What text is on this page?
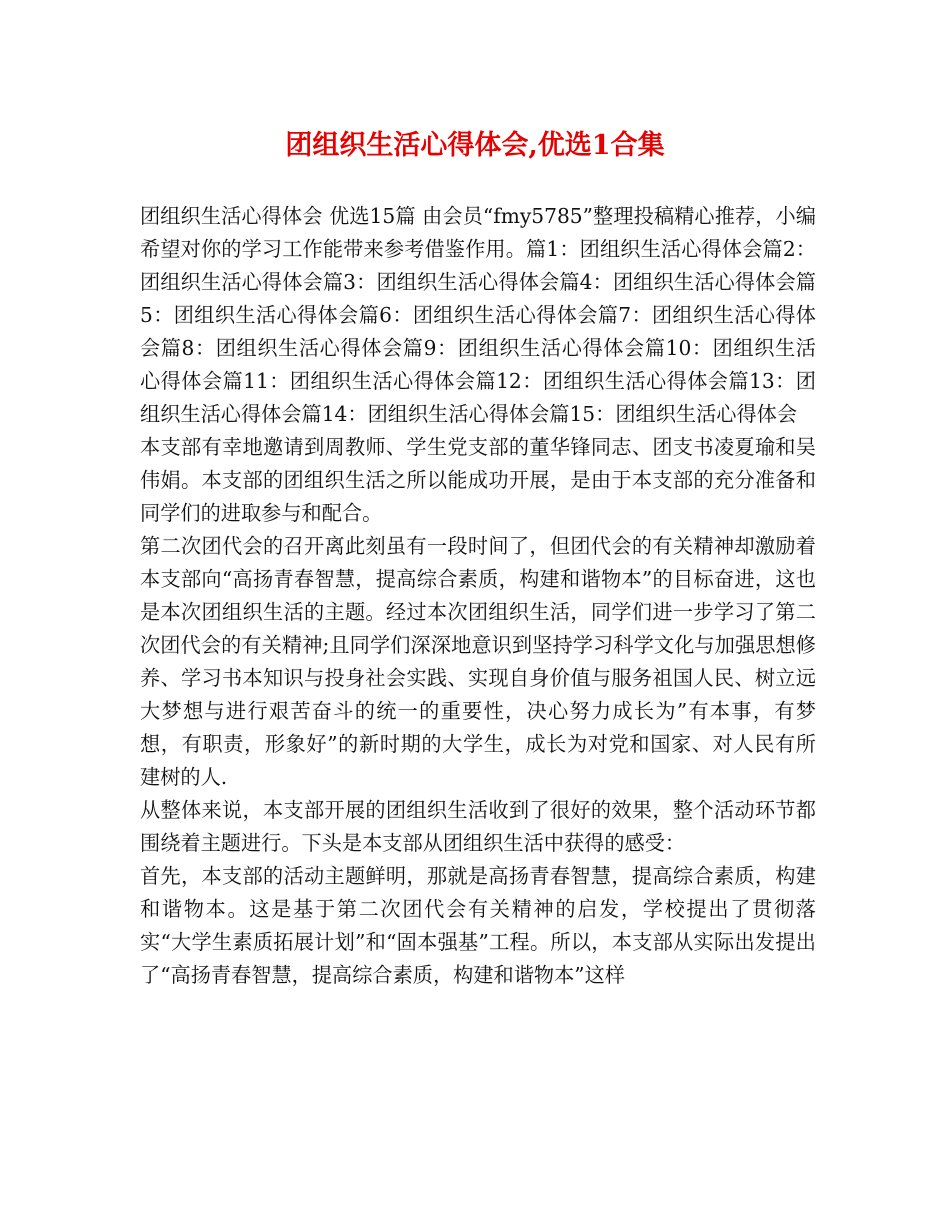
团组织生活心得体会,优选1合集

团组织生活心得体会 优选15篇 由会员“fmy5785”整理投稿精心推荐，小编希望对你的学习工作能带来参考借鉴作用。篇1：团组织生活心得体会篇2：团组织生活心得体会篇3：团组织生活心得体会篇4：团组织生活心得体会篇5：团组织生活心得体会篇6：团组织生活心得体会篇7：团组织生活心得体会篇8：团组织生活心得体会篇9：团组织生活心得体会篇10：团组织生活心得体会篇11：团组织生活心得体会篇12：团组织生活心得体会篇13：团组织生活心得体会篇14：团组织生活心得体会篇15：团组织生活心得体会

本支部有幸地邀请到周教师、学生党支部的董华锋同志、团支书凌夏瑜和吴伟娟。本支部的团组织生活之所以能成功开展，是由于本支部的充分准备和同学们的进取参与和配合。

第二次团代会的召开离此刻虽有一段时间了，但团代会的有关精神却激励着本支部向“高扬青春智慧，提高综合素质，构建和谐物本”的目标奋进，这也是本次团组织生活的主题。经过本次团组织生活，同学们进一步学习了第二次团代会的有关精神;且同学们深深地意识到坚持学习科学文化与加强思想修养、学习书本知识与投身社会实践、实现自身价值与服务祖国人民、树立远大梦想与进行艰苦奋斗的统一的重要性，决心努力成长为”有本事，有梦想，有职责，形象好”的新时期的大学生，成长为对党和国家、对人民有所建树的人.

从整体来说，本支部开展的团组织生活收到了很好的效果，整个活动环节都围绕着主题进行。下头是本支部从团组织生活中获得的感受：

首先，本支部的活动主题鲜明，那就是高扬青春智慧，提高综合素质，构建和谐物本。这是基于第二次团代会有关精神的启发，学校提出了贯彻落实“大学生素质拓展计划”和“固本强基”工程。所以，本支部从实际出发提出了“高扬青春智慧，提高综合素质，构建和谐物本”这样
